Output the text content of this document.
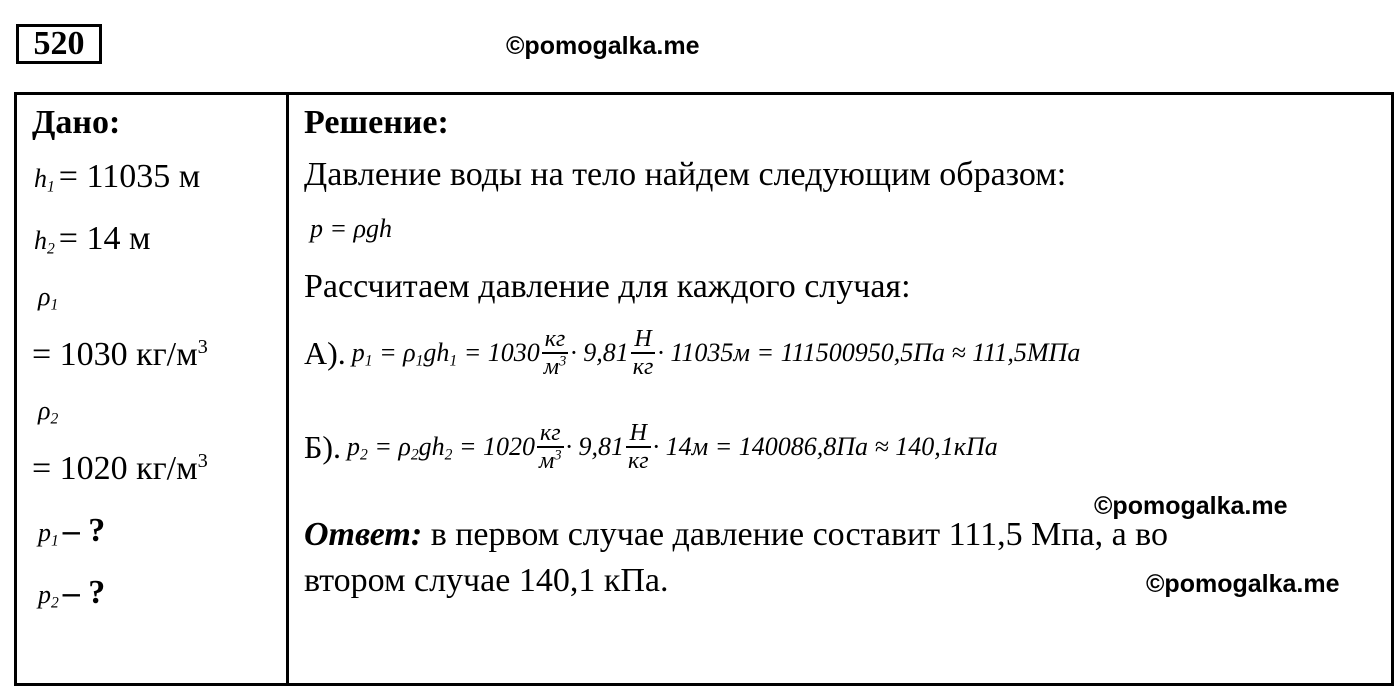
520	©pomogalka.me
Дано:
$h_1 = 11035$ м
$h_2 = 14$ м
$\rho_1$
= 1030 $кг/м^3$
$\rho_2$
= 1020 $кг/м^3$
$p_1$ – ?
$p_2$ – ?
Решение:
Давление воды на тело найдем следующим образом:
p = ρgh
Рассчитаем давление для каждого случая:
А). $p_1 = \rho_1gh_1 = 1030 \frac{кг}{м^3} \cdot 9,81 \frac{Н}{кг} \cdot 11035м = 111500950,5Па \approx 111,5МПа$
Б). $p_2 = \rho_2gh_2 = 1020 \frac{кг}{м^3} \cdot 9,81 \frac{Н}{кг} \cdot 14м = 140086,8Па \approx 140,1кПа$
©pomogalka.me
Ответ: в первом случае давление составит 111,5 Мпа, а во
втором случае 140,1 кПа.	©pomogalka.me
